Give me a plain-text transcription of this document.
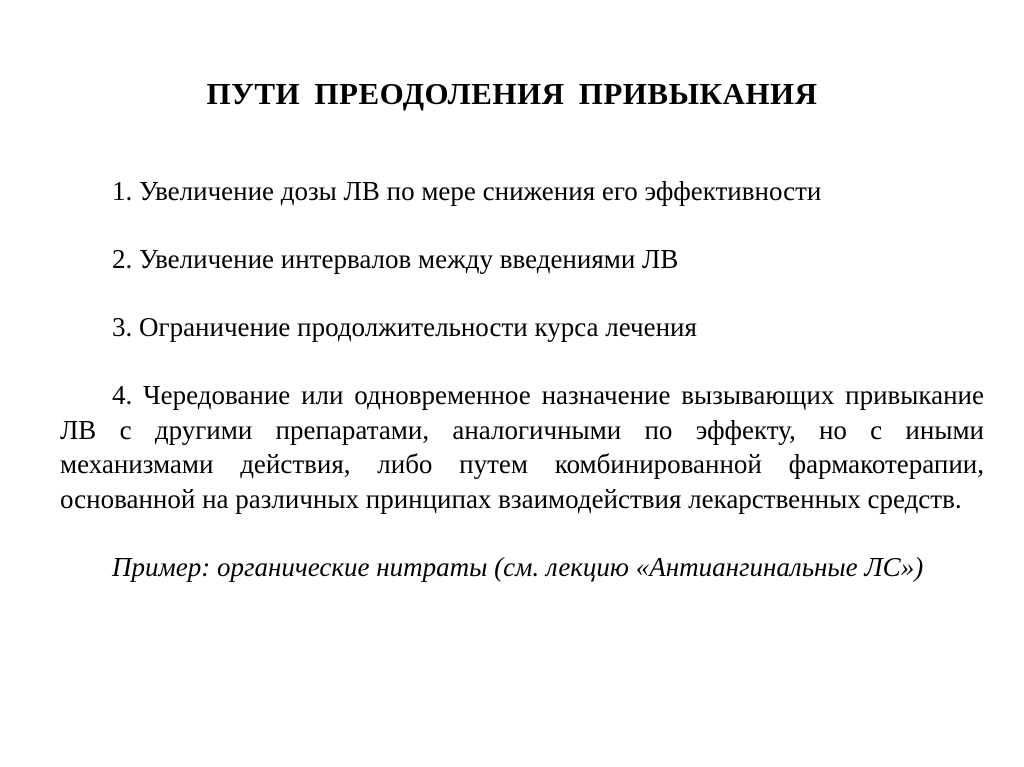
ПУТИ ПРЕОДОЛЕНИЯ ПРИВЫКАНИЯ
1. Увеличение дозы ЛВ по мере снижения его эффективности
2. Увеличение интервалов между введениями ЛВ
3. Ограничение продолжительности курса лечения
4. Чередование или одновременное назначение вызывающих привыкание ЛВ с другими препаратами, аналогичными по эффекту, но с иными механизмами действия, либо путем комбинированной фармакотерапии, основанной на различных принципах взаимодействия лекарственных средств.
Пример: органические нитраты (см. лекцию «Антиангинальные ЛС»)
